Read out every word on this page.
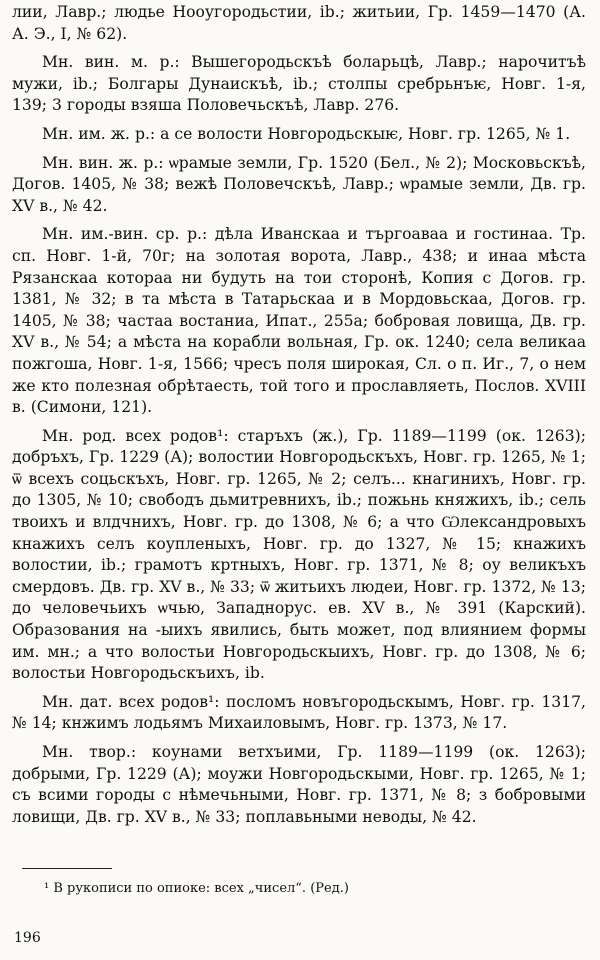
лии, Лавр.; людье Нооугородьстии, ib.; житьии, Гр. 1459—1470 (А. А. Э., I, № 62).

Мн. вин. м. р.: Вышегородьскъѣ боларьцѣ, Лавр.; нарочитъѣ мужи, ib.; Болгары Дунаискъѣ, ib.; столпы сребрьнъѥ, Новг. 1-я, 139; 3 городы взяша Половечьскъѣ, Лавр. 276.

Мн. им. ж. р.: а се волости Новгородьскыѥ, Новг. гр. 1265, № 1.

Мн. вин. ж. р.: ѡрамые земли, Гр. 1520 (Бел., № 2); Московьскъѣ, Догов. 1405, № 38; вежѣ Половечскъѣ, Лавр.; ѡрамые земли, Дв. гр. XV в., № 42.

Мн. им.-вин. ср. р.: дѣла Иванскаа и търгоаваа и гостинаа. Тр. сп. Новг. 1-й, 70г; на золотая ворота, Лавр., 438; и инаа мѣста Рязанскаа котораа ни будуть на тои сторонѣ, Копия с Догов. гр. 1381, № 32; в та мѣста в Татарьскаа и в Мордовьскаа, Догов. гр. 1405, № 38; частаа востаниа, Ипат., 255а; бобровая ловища, Дв. гр. XV в., № 54; а мѣста на корабли вольная, Гр. ок. 1240; села великаа пожгоша, Новг. 1-я, 1566; чресъ поля широкая, Сл. о п. Иг., 7, о нем же кто полезная обрѣтаесть, той того и прославляеть, Послов. XVIII в. (Симони, 121).

Мн. род. всех родов¹: старъхъ (ж.), Гр. 1189—1199 (ок. 1263); добръхъ, Гр. 1229 (А); волостии Новгородьскъхъ, Новг. гр. 1265, № 1; ѿ всехъ соцьскъхъ, Новг. гр. 1265, № 2; селъ... кнагинихъ, Новг. гр. до 1305, № 10; свободъ дьмитревнихъ, ib.; пожьнь княжихъ, ib.; сель твоихъ и влдчнихъ, Новг. гр. до 1308, № 6; а что Ѡлександровыхъ кнажихъ селъ коупленыхъ, Новг. гр. до 1327, № 15; кнажихъ волостии, ib.; грамотъ кртныхъ, Новг. гр. 1371, № 8; оу великъхъ смердовъ. Дв. гр. XV в., № 33; ѿ житьихъ людеи, Новг. гр. 1372, № 13; до человечьихъ ѡчью, Западнорус. ев. XV в., № 391 (Карский). Образования на -ыихъ явились, быть может, под влиянием формы им. мн.; а что волостьи Новгородьскыихъ, Новг. гр. до 1308, № 6; волостьи Новгородьскъихъ, ib.

Мн. дат. всех родов¹: посломъ новъгородьскымъ, Новг. гр. 1317, № 14; кнжимъ лодьямъ Михаиловымъ, Новг. гр. 1373, № 17.

Мн. твор.: коунами ветхъими, Гр. 1189—1199 (ок. 1263); добрыми, Гр. 1229 (А); моужи Новгородьскыми, Новг. гр. 1265, № 1; съ всими городы с нѣмечьными, Новг. гр. 1371, № 8; з бобровыми ловищи, Дв. гр. XV в., № 33; поплавьными неводы, № 42.

¹ В рукописи по опиоке: всех „чисел“. (Ред.)
196
